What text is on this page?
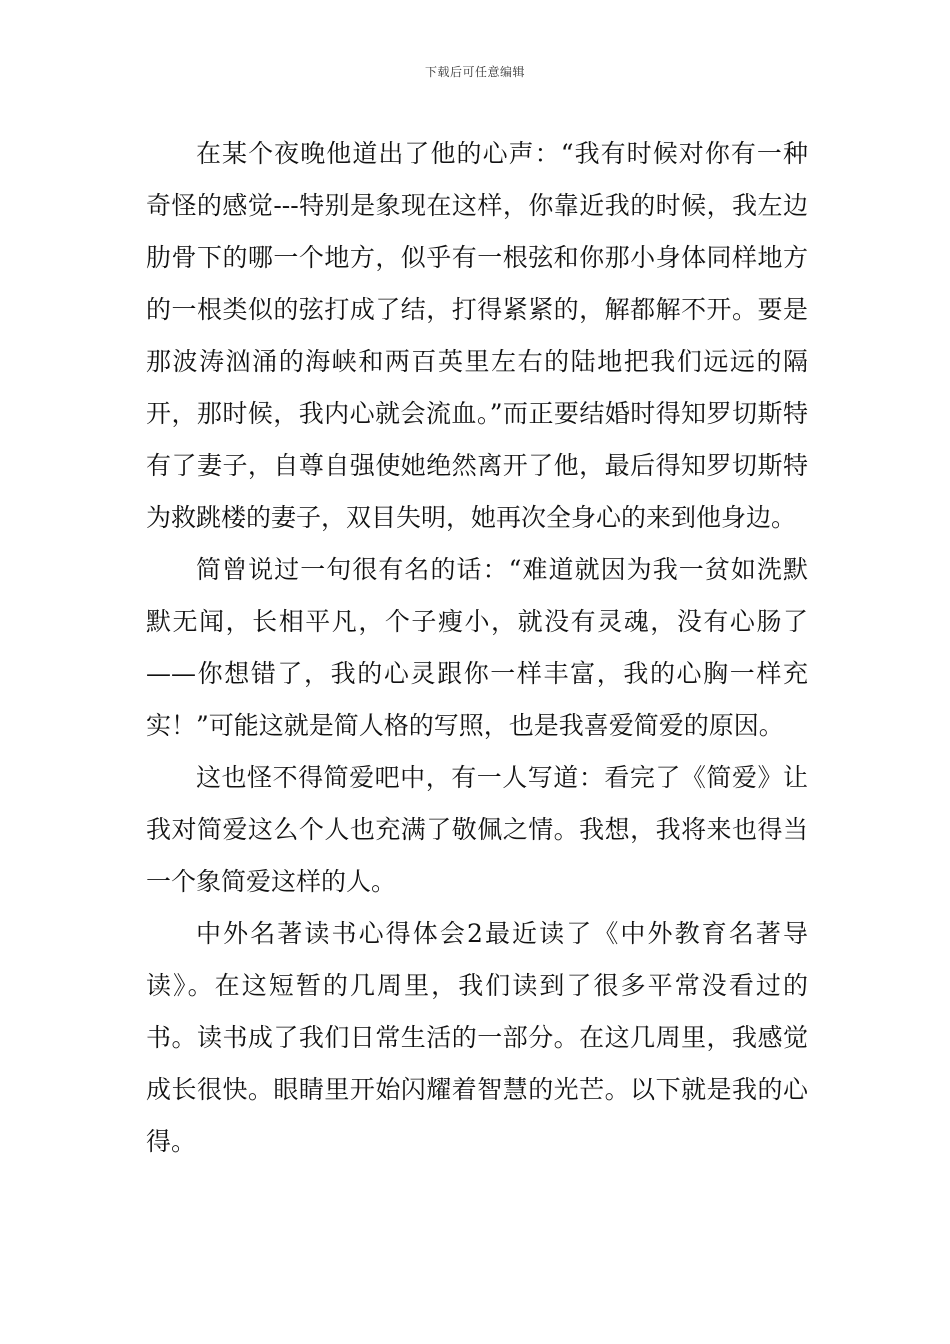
下载后可任意编辑

在某个夜晚他道出了他的心声：“我有时候对你有一种奇怪的感觉---特别是象现在这样，你靠近我的时候，我左边肋骨下的哪一个地方，似乎有一根弦和你那小身体同样地方的一根类似的弦打成了结，打得紧紧的，解都解不开。要是那波涛汹涌的海峡和两百英里左右的陆地把我们远远的隔开，那时候，我内心就会流血。”而正要结婚时得知罗切斯特有了妻子，自尊自强使她绝然离开了他，最后得知罗切斯特为救跳楼的妻子，双目失明，她再次全身心的来到他身边。

简曾说过一句很有名的话：“难道就因为我一贫如洗默默无闻，长相平凡，个子瘦小，就没有灵魂，没有心肠了——你想错了，我的心灵跟你一样丰富，我的心胸一样充实！”可能这就是简人格的写照，也是我喜爱简爱的原因。

这也怪不得简爱吧中，有一人写道：看完了《简爱》让我对简爱这么个人也充满了敬佩之情。我想，我将来也得当一个象简爱这样的人。

中外名著读书心得体会2最近读了《中外教育名著导读》。在这短暂的几周里，我们读到了很多平常没看过的书。读书成了我们日常生活的一部分。在这几周里，我感觉成长很快。眼睛里开始闪耀着智慧的光芒。以下就是我的心得。
